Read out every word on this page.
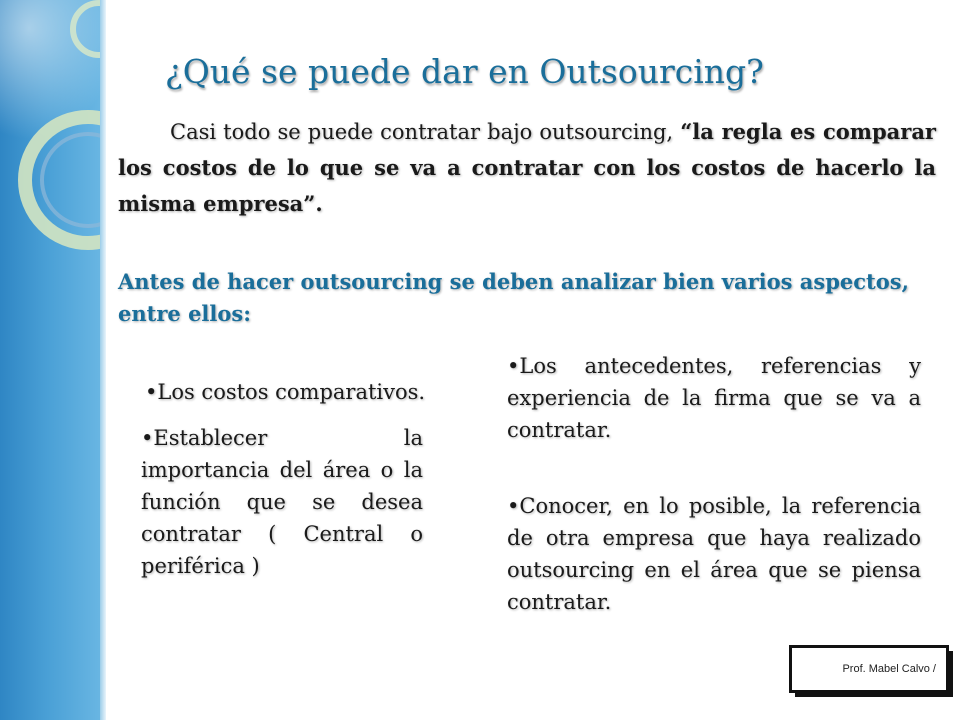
¿Qué se puede dar en Outsourcing?

Casi todo se puede contratar bajo outsourcing, “la regla es comparar los costos de lo que se va a contratar con los costos de hacerlo la misma empresa”.

Antes de hacer outsourcing se deben analizar bien varios aspectos, entre ellos:

•Los costos comparativos.

•Establecer la importancia del área o la función que se desea contratar ( Central o periférica )

•Los antecedentes, referencias y experiencia de la firma que se va a contratar.

•Conocer, en lo posible, la referencia de otra empresa que haya realizado outsourcing en el área que se piensa contratar.

Prof. Mabel Calvo /
